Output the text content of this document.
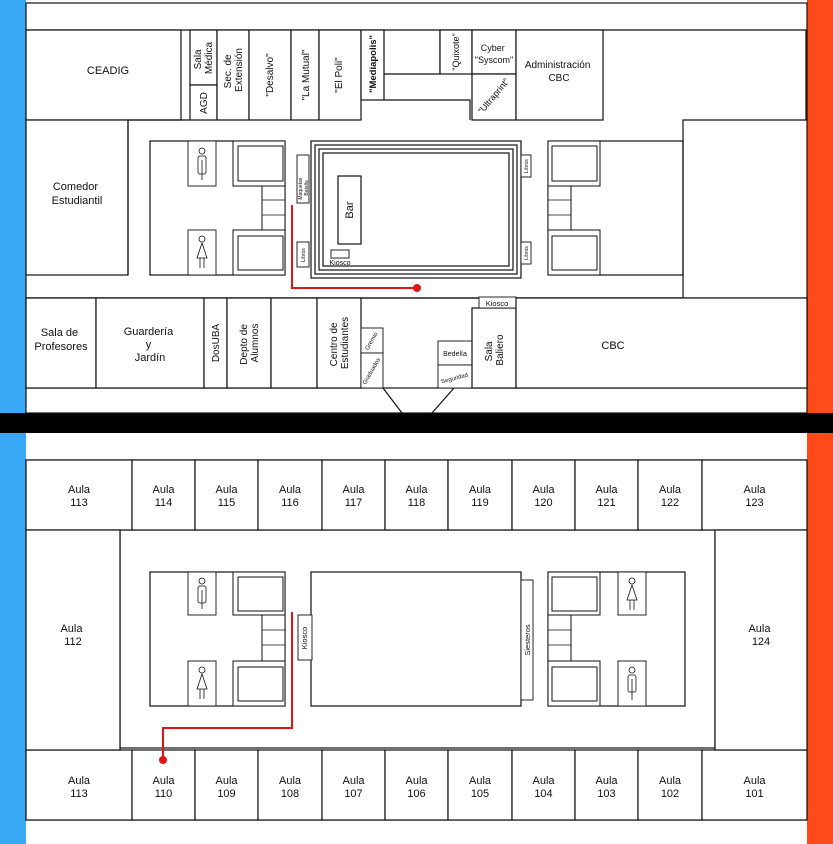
CEADIG
Sala Médica
AGD
Sec. de Extensión "Desalvo"	"La Mutual" "El Poli" "Mediapolis"	"Quixote"	Cyber "Syscom"
"Ultraprint"
Administración CBC
Comedor Estudiantil
Bar
Kiosco
Maquetas Batalla
Libros
Libros
Libros
Sala de Profesores
Guardería y Jardín	DosUBA Depto de Alumnos	Centro de Estudiantes Gremio
Graduados
Bedelía
Seguridad
Sala Baliero
Kiosco
CBC
Aula 113
Aula 114
Aula 115
Aula 116
Aula 117
Aula 118
Aula 119
Aula 120
Aula 121
Aula 122
Aula 123
Aula 113
Aula 110
Aula 109
Aula 108
Aula 107
Aula 106
Aula 105
Aula 104
Aula 103
Aula 102
Aula 101
Aula 112
Aula 124
Kiosco	Siesteros
